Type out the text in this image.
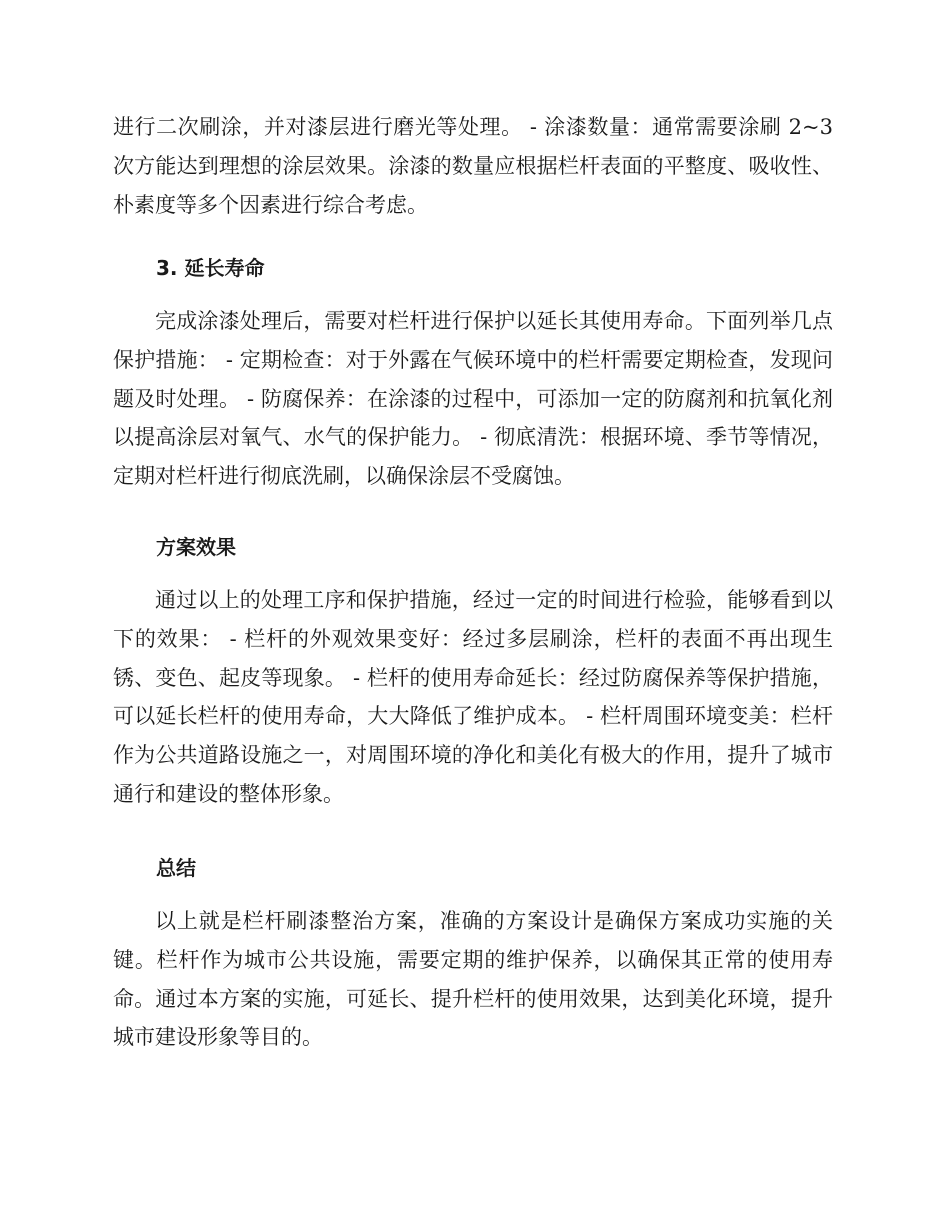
进行二次刷涂，并对漆层进行磨光等处理。 - 涂漆数量：通常需要涂刷 2~3 次方能达到理想的涂层效果。涂漆的数量应根据栏杆表面的平整度、吸收性、朴素度等多个因素进行综合考虑。

3. 延长寿命

完成涂漆处理后，需要对栏杆进行保护以延长其使用寿命。下面列举几点保护措施： - 定期检查：对于外露在气候环境中的栏杆需要定期检查，发现问题及时处理。 - 防腐保养：在涂漆的过程中，可添加一定的防腐剂和抗氧化剂以提高涂层对氧气、水气的保护能力。 - 彻底清洗：根据环境、季节等情况，定期对栏杆进行彻底洗刷，以确保涂层不受腐蚀。

方案效果

通过以上的处理工序和保护措施，经过一定的时间进行检验，能够看到以下的效果： - 栏杆的外观效果变好：经过多层刷涂，栏杆的表面不再出现生锈、变色、起皮等现象。 - 栏杆的使用寿命延长：经过防腐保养等保护措施，可以延长栏杆的使用寿命，大大降低了维护成本。 - 栏杆周围环境变美：栏杆作为公共道路设施之一，对周围环境的净化和美化有极大的作用，提升了城市通行和建设的整体形象。

总结

以上就是栏杆刷漆整治方案，准确的方案设计是确保方案成功实施的关键。栏杆作为城市公共设施，需要定期的维护保养，以确保其正常的使用寿命。通过本方案的实施，可延长、提升栏杆的使用效果，达到美化环境，提升城市建设形象等目的。
